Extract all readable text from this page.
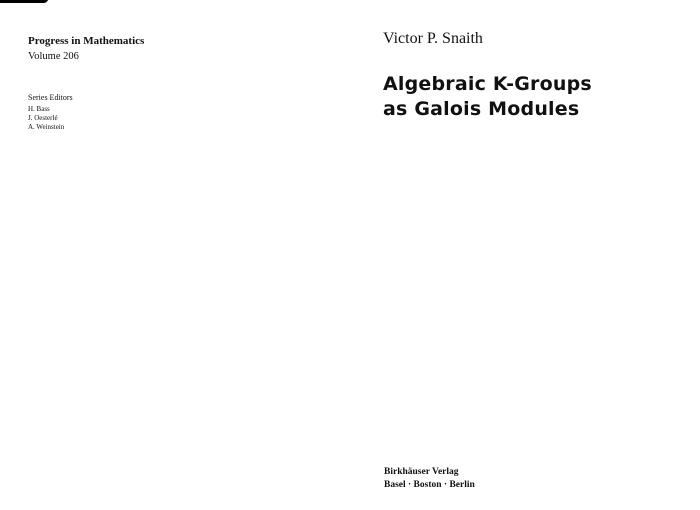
Progress in Mathematics
Volume 206
Series Editors
H. Bass
J. Oesterlé
A. Weinstein
Victor P. Snaith
Algebraic K-Groups
as Galois Modules
Birkhäuser Verlag
Basel · Boston · Berlin
